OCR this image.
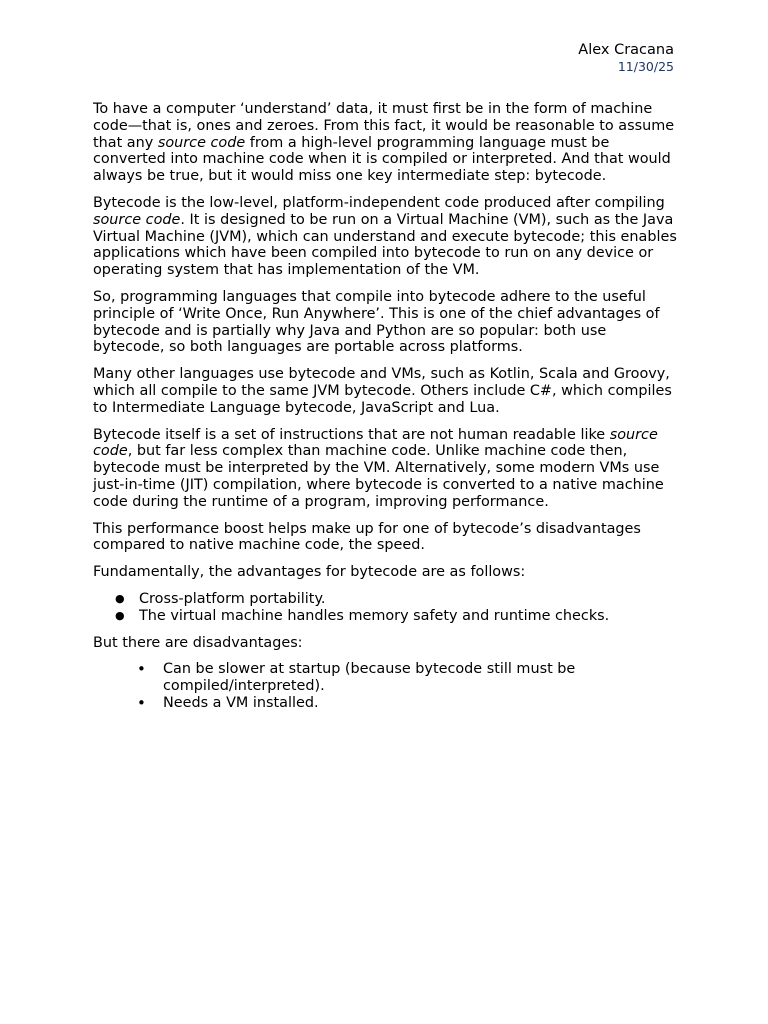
Alex Cracana
11/30/25

To have a computer ‘understand’ data, it must first be in the form of machine code—that is, ones and zeroes. From this fact, it would be reasonable to assume that any source code from a high-level programming language must be converted into machine code when it is compiled or interpreted. And that would always be true, but it would miss one key intermediate step: bytecode.

Bytecode is the low-level, platform-independent code produced after compiling source code. It is designed to be run on a Virtual Machine (VM), such as the Java Virtual Machine (JVM), which can understand and execute bytecode; this enables applications which have been compiled into bytecode to run on any device or operating system that has implementation of the VM.

So, programming languages that compile into bytecode adhere to the useful principle of ‘Write Once, Run Anywhere’. This is one of the chief advantages of bytecode and is partially why Java and Python are so popular: both use bytecode, so both languages are portable across platforms.

Many other languages use bytecode and VMs, such as Kotlin, Scala and Groovy, which all compile to the same JVM bytecode. Others include C#, which compiles to Intermediate Language bytecode, JavaScript and Lua.

Bytecode itself is a set of instructions that are not human readable like source code, but far less complex than machine code. Unlike machine code then, bytecode must be interpreted by the VM. Alternatively, some modern VMs use just-in-time (JIT) compilation, where bytecode is converted to a native machine code during the runtime of a program, improving performance.

This performance boost helps make up for one of bytecode’s disadvantages compared to native machine code, the speed.

Fundamentally, the advantages for bytecode are as follows:

● Cross-platform portability.
● The virtual machine handles memory safety and runtime checks.

But there are disadvantages:

• Can be slower at startup (because bytecode still must be compiled/interpreted).
• Needs a VM installed.
